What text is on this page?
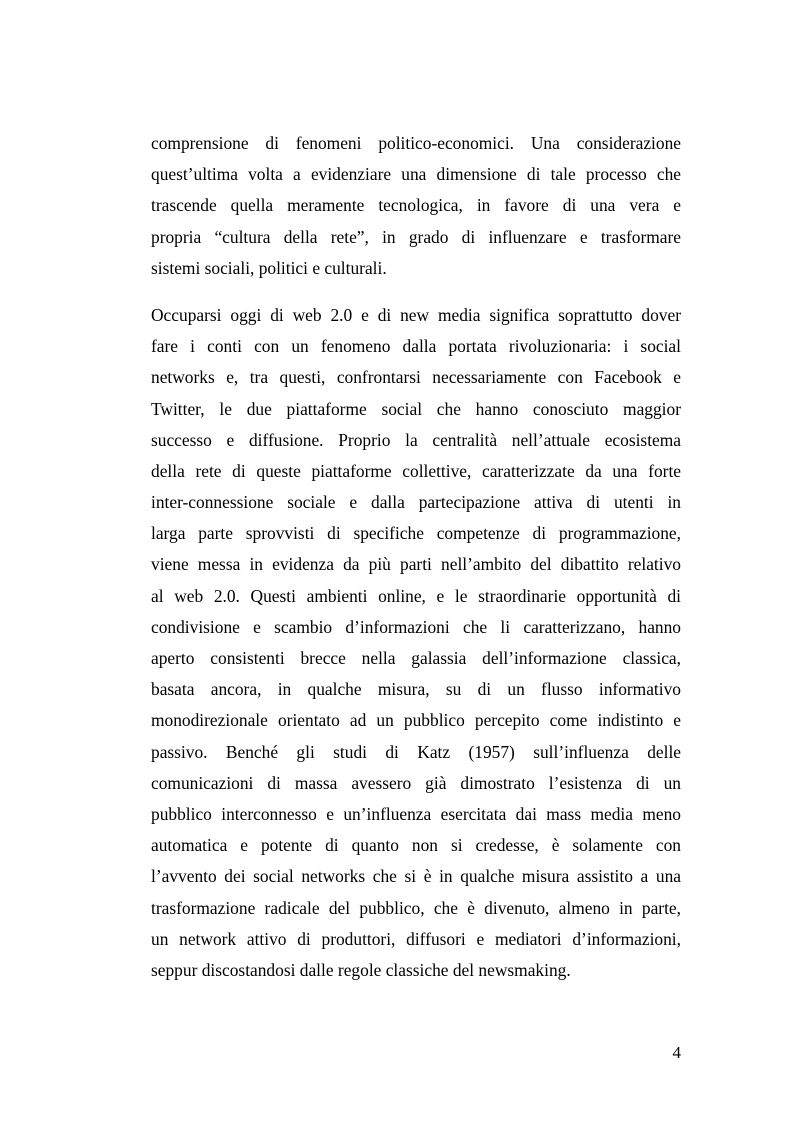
comprensione di fenomeni politico-economici. Una considerazione
quest’ultima volta a evidenziare una dimensione di tale processo che
trascende quella meramente tecnologica, in favore di una vera e
propria “cultura della rete”, in grado di influenzare e trasformare
sistemi sociali, politici e culturali.
Occuparsi oggi di web 2.0 e di new media significa soprattutto dover
fare i conti con un fenomeno dalla portata rivoluzionaria: i social
networks e, tra questi, confrontarsi necessariamente con Facebook e
Twitter, le due piattaforme social che hanno conosciuto maggior
successo e diffusione. Proprio la centralità nell’attuale ecosistema
della rete di queste piattaforme collettive, caratterizzate da una forte
inter-connessione sociale e dalla partecipazione attiva di utenti in
larga parte sprovvisti di specifiche competenze di programmazione,
viene messa in evidenza da più parti nell’ambito del dibattito relativo
al web 2.0. Questi ambienti online, e le straordinarie opportunità di
condivisione e scambio d’informazioni che li caratterizzano, hanno
aperto consistenti brecce nella galassia dell’informazione classica,
basata ancora, in qualche misura, su di un flusso informativo
monodirezionale orientato ad un pubblico percepito come indistinto e
passivo. Benché gli studi di Katz (1957) sull’influenza delle
comunicazioni di massa avessero già dimostrato l’esistenza di un
pubblico interconnesso e un’influenza esercitata dai mass media meno
automatica e potente di quanto non si credesse, è solamente con
l’avvento dei social networks che si è in qualche misura assistito a una
trasformazione radicale del pubblico, che è divenuto, almeno in parte,
un network attivo di produttori, diffusori e mediatori d’informazioni,
seppur discostandosi dalle regole classiche del newsmaking.
4
